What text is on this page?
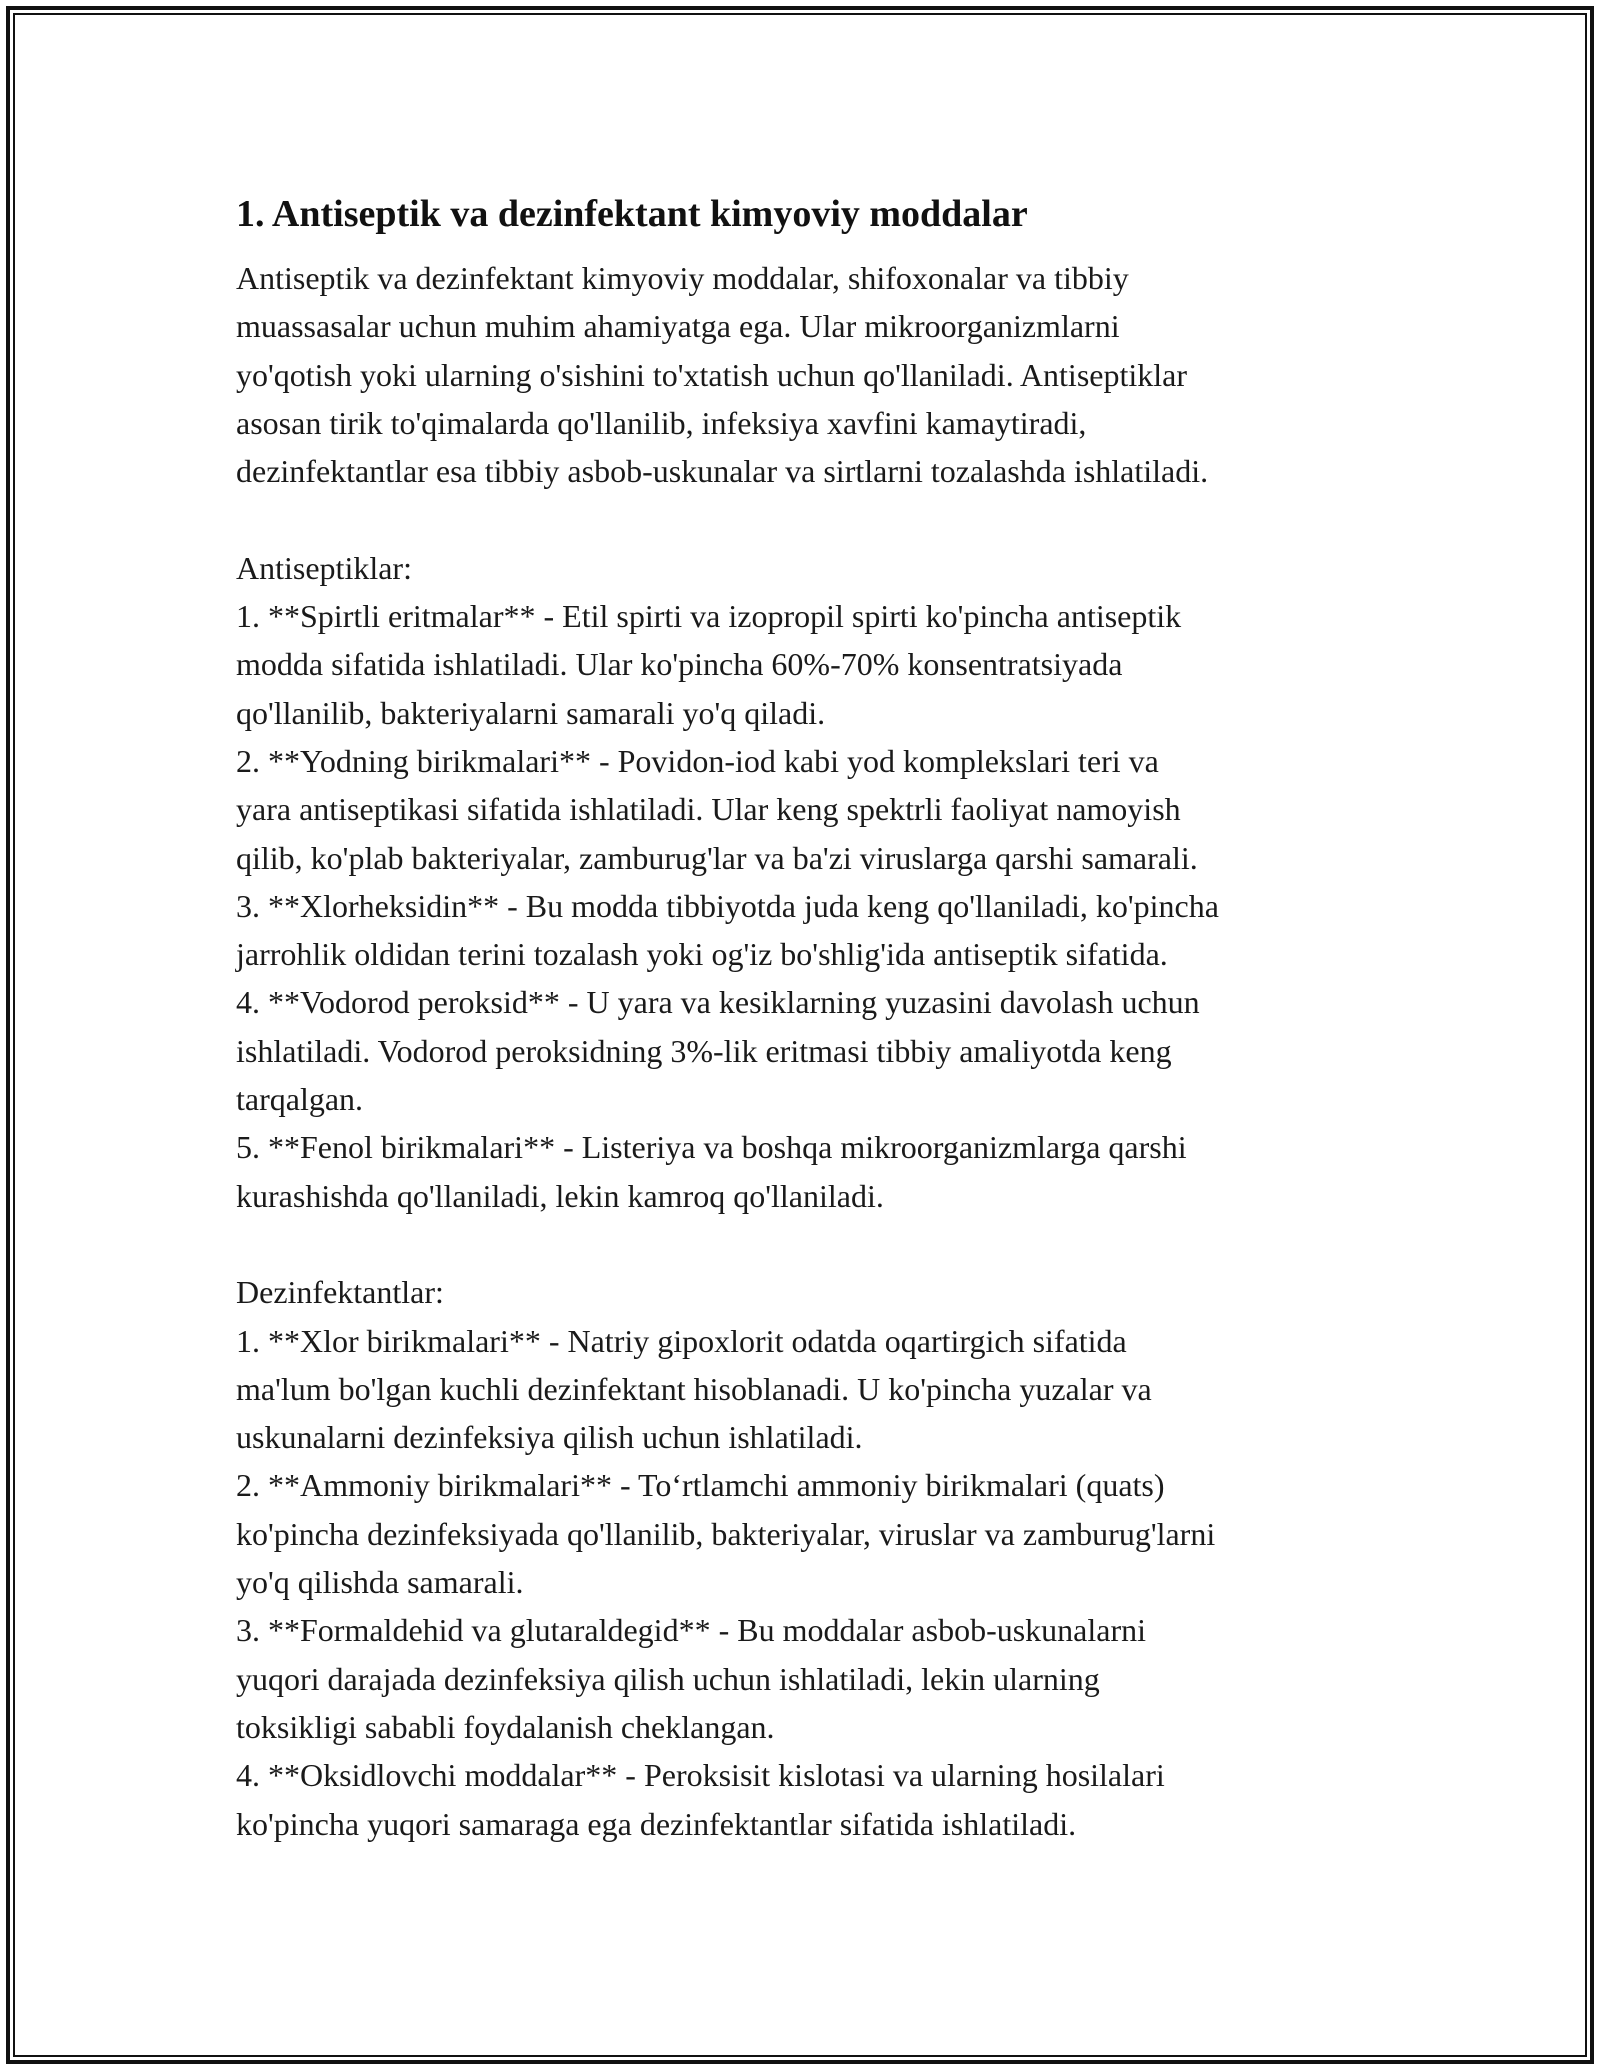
1. Antiseptik va dezinfektant kimyoviy moddalar
Antiseptik va dezinfektant kimyoviy moddalar, shifoxonalar va tibbiy
muassasalar uchun muhim ahamiyatga ega. Ular mikroorganizmlarni
yo'qotish yoki ularning o'sishini to'xtatish uchun qo'llaniladi. Antiseptiklar
asosan tirik to'qimalarda qo'llanilib, infeksiya xavfini kamaytiradi,
dezinfektantlar esa tibbiy asbob-uskunalar va sirtlarni tozalashda ishlatiladi.
Antiseptiklar:
1. **Spirtli eritmalar** - Etil spirti va izopropil spirti ko'pincha antiseptik
modda sifatida ishlatiladi. Ular ko'pincha 60%-70% konsentratsiyada
qo'llanilib, bakteriyalarni samarali yo'q qiladi.
2. **Yodning birikmalari** - Povidon-iod kabi yod komplekslari teri va
yara antiseptikasi sifatida ishlatiladi. Ular keng spektrli faoliyat namoyish
qilib, ko'plab bakteriyalar, zamburug'lar va ba'zi viruslarga qarshi samarali.
3. **Xlorheksidin** - Bu modda tibbiyotda juda keng qo'llaniladi, ko'pincha
jarrohlik oldidan terini tozalash yoki og'iz bo'shlig'ida antiseptik sifatida.
4. **Vodorod peroksid** - U yara va kesiklarning yuzasini davolash uchun
ishlatiladi. Vodorod peroksidning 3%-lik eritmasi tibbiy amaliyotda keng
tarqalgan.
5. **Fenol birikmalari** - Listeriya va boshqa mikroorganizmlarga qarshi
kurashishda qo'llaniladi, lekin kamroq qo'llaniladi.
Dezinfektantlar:
1. **Xlor birikmalari** - Natriy gipoxlorit odatda oqartirgich sifatida
ma'lum bo'lgan kuchli dezinfektant hisoblanadi. U ko'pincha yuzalar va
uskunalarni dezinfeksiya qilish uchun ishlatiladi.
2. **Ammoniy birikmalari** - To‘rtlamchi ammoniy birikmalari (quats)
ko'pincha dezinfeksiyada qo'llanilib, bakteriyalar, viruslar va zamburug'larni
yo'q qilishda samarali.
3. **Formaldehid va glutaraldegid** - Bu moddalar asbob-uskunalarni
yuqori darajada dezinfeksiya qilish uchun ishlatiladi, lekin ularning
toksikligi sababli foydalanish cheklangan.
4. **Oksidlovchi moddalar** - Peroksisit kislotasi va ularning hosilalari
ko'pincha yuqori samaraga ega dezinfektantlar sifatida ishlatiladi.
